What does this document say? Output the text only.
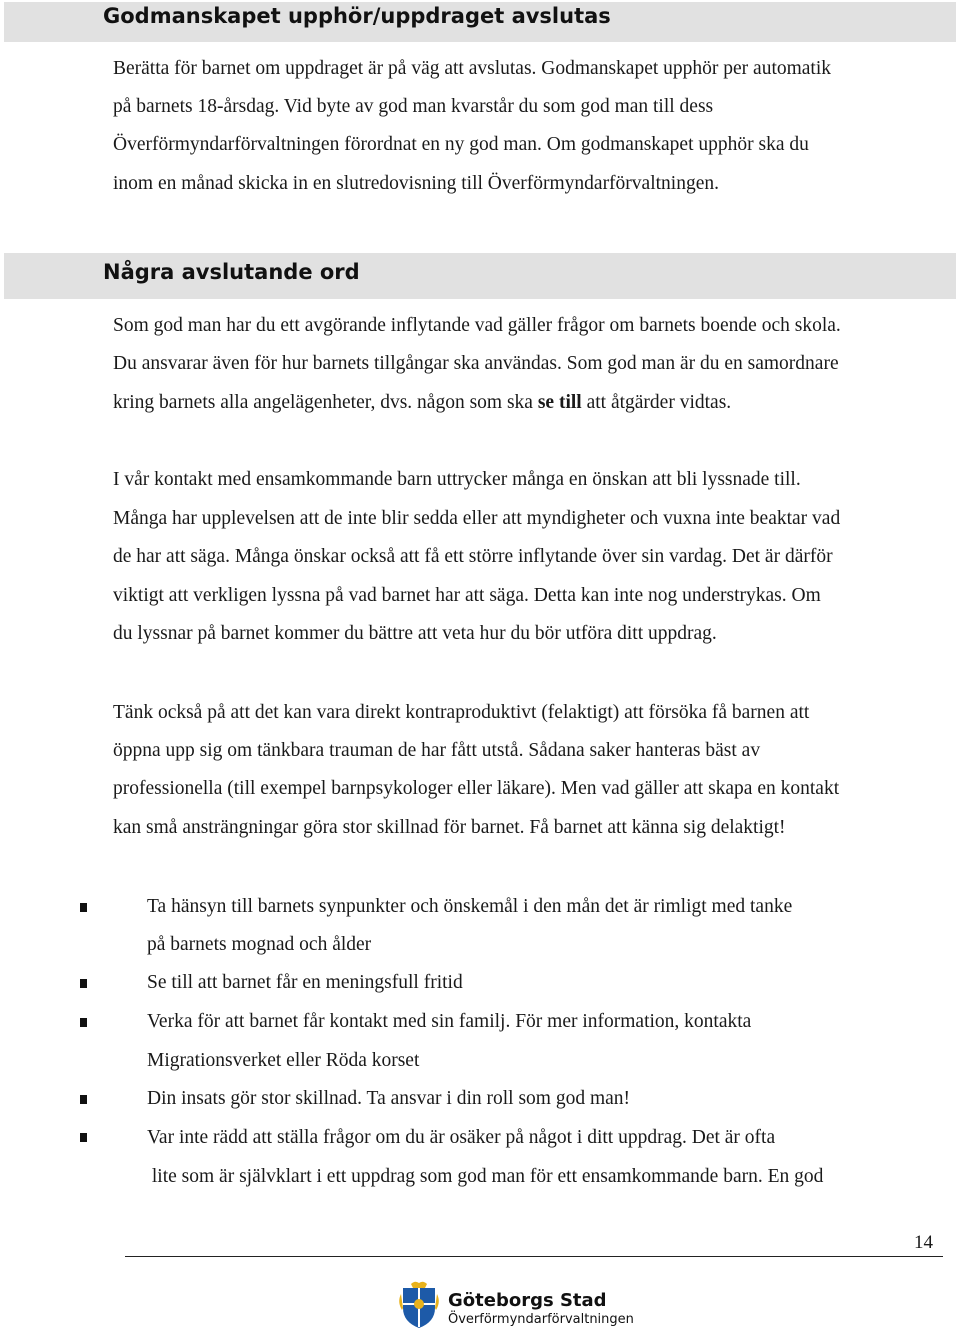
Godmanskapet upphör/uppdraget avslutas
Berätta för barnet om uppdraget är på väg att avslutas. Godmanskapet upphör per automatik
på barnets 18-årsdag. Vid byte av god man kvarstår du som god man till dess
Överförmyndarförvaltningen förordnat en ny god man. Om godmanskapet upphör ska du
inom en månad skicka in en slutredovisning till Överförmyndarförvaltningen.
Några avslutande ord
Som god man har du ett avgörande inflytande vad gäller frågor om barnets boende och skola.
Du ansvarar även för hur barnets tillgångar ska användas. Som god man är du en samordnare
kring barnets alla angelägenheter, dvs. någon som ska se till att åtgärder vidtas.
I vår kontakt med ensamkommande barn uttrycker många en önskan att bli lyssnade till.
Många har upplevelsen att de inte blir sedda eller att myndigheter och vuxna inte beaktar vad
de har att säga. Många önskar också att få ett större inflytande över sin vardag. Det är därför
viktigt att verkligen lyssna på vad barnet har att säga. Detta kan inte nog understrykas. Om
du lyssnar på barnet kommer du bättre att veta hur du bör utföra ditt uppdrag.
Tänk också på att det kan vara direkt kontraproduktivt (felaktigt) att försöka få barnen att
öppna upp sig om tänkbara trauman de har fått utstå. Sådana saker hanteras bäst av
professionella (till exempel barnpsykologer eller läkare). Men vad gäller att skapa en kontakt
kan små ansträngningar göra stor skillnad för barnet. Få barnet att känna sig delaktigt!
Ta hänsyn till barnets synpunkter och önskemål i den mån det är rimligt med tanke
på barnets mognad och ålder
Se till att barnet får en meningsfull fritid
Verka för att barnet får kontakt med sin familj. För mer information, kontakta
Migrationsverket eller Röda korset
Din insats gör stor skillnad. Ta ansvar i din roll som god man!
Var inte rädd att ställa frågor om du är osäker på något i ditt uppdrag. Det är ofta
lite som är självklart i ett uppdrag som god man för ett ensamkommande barn. En god
14
Göteborgs Stad
Överförmyndarförvaltningen
